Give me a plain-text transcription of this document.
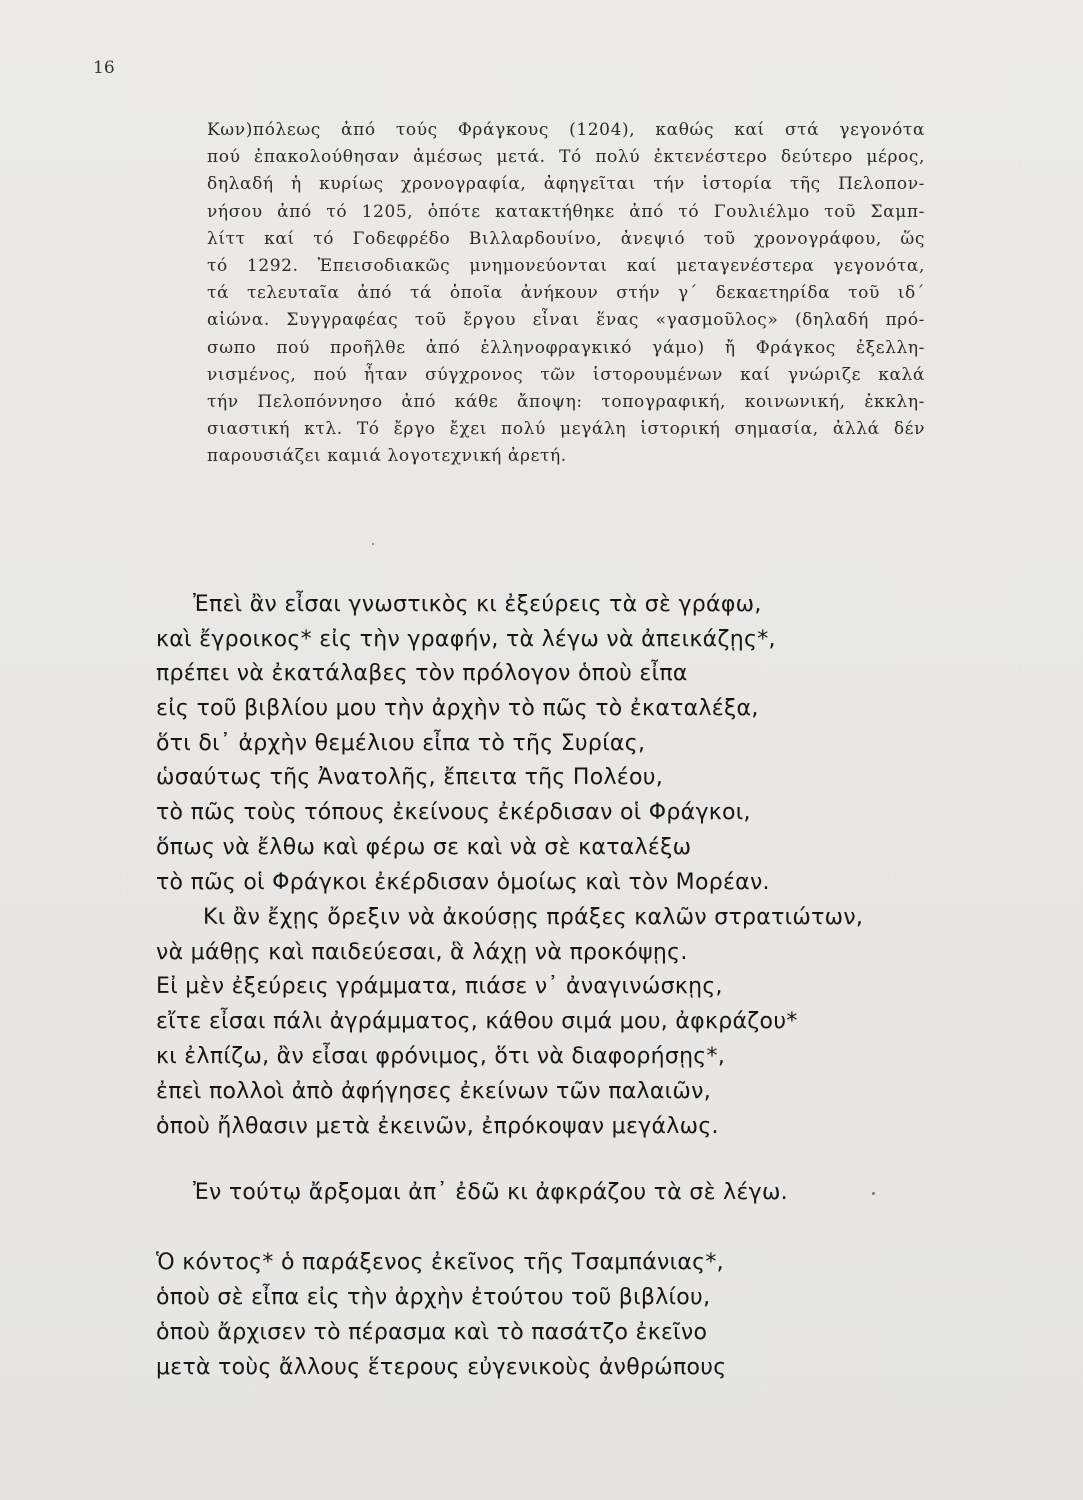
16
Κων)πόλεως ἀπό τούς Φράγκους (1204), καθώς καί στά γεγονότα
πού ἐπακολούθησαν ἀμέσως μετά. Τό πολύ ἐκτενέστερο δεύτερο μέρος,
δηλαδή ἡ κυρίως χρονογραφία, ἀφηγεῖται τήν ἱστορία τῆς Πελοπον-
νήσου ἀπό τό 1205, ὁπότε κατακτήθηκε ἀπό τό Γουλιέλμο τοῦ Σαμπ-
λίττ καί τό Γοδεφρέδο Βιλλαρδουίνο, ἀνεψιό τοῦ χρονογράφου, ὥς
τό 1292. Ἐπεισοδιακῶς μνημονεύονται καί μεταγενέστερα γεγονότα,
τά τελευταῖα ἀπό τά ὁποῖα ἀνήκουν στήν γ΄ δεκαετηρίδα τοῦ ιδ΄
αἰώνα. Συγγραφέας τοῦ ἔργου εἶναι ἕνας «γασμοῦλος» (δηλαδή πρό-
σωπο πού προῆλθε ἀπό ἑλληνοφραγκικό γάμο) ἤ Φράγκος ἐξελλη-
νισμένος, πού ἦταν σύγχρονος τῶν ἱστορουμένων καί γνώριζε καλά
τήν Πελοπόννησο ἀπό κάθε ἄποψη: τοπογραφική, κοινωνική, ἐκκλη-
σιαστική κτλ. Τό ἔργο ἔχει πολύ μεγάλη ἱστορική σημασία, ἀλλά δέν
παρουσιάζει καμιά λογοτεχνική ἀρετή.
Ἐπεὶ ἂν εἶσαι γνωστικὸς κι ἐξεύρεις τὰ σὲ γράφω,
καὶ ἔγροικος* εἰς τὴν γραφήν, τὰ λέγω νὰ ἀπεικάζῃς*,
πρέπει νὰ ἐκατάλαβες τὸν πρόλογον ὁποὺ εἶπα
εἰς τοῦ βιβλίου μου τὴν ἀρχὴν τὸ πῶς τὸ ἐκαταλέξα,
ὅτι δι᾽ ἀρχὴν θεμέλιου εἶπα τὸ τῆς Συρίας,
ὡσαύτως τῆς Ἀνατολῆς, ἔπειτα τῆς Πολέου,
τὸ πῶς τοὺς τόπους ἐκείνους ἐκέρδισαν οἱ Φράγκοι,
ὅπως νὰ ἔλθω καὶ φέρω σε καὶ νὰ σὲ καταλέξω
τὸ πῶς οἱ Φράγκοι ἐκέρδισαν ὁμοίως καὶ τὸν Μορέαν.
Κι ἂν ἔχῃς ὄρεξιν νὰ ἀκούσῃς πράξες καλῶν στρατιώτων,
νὰ μάθῃς καὶ παιδεύεσαι, ἃ λάχῃ νὰ προκόψῃς.
Εἰ μὲν ἐξεύρεις γράμματα, πιάσε ν᾽ ἀναγινώσκῃς,
εἴτε εἶσαι πάλι ἀγράμματος, κάθου σιμά μου, ἀφκράζου*
κι ἐλπίζω, ἂν εἶσαι φρόνιμος, ὅτι νὰ διαφορήσῃς*,
ἐπεὶ πολλοὶ ἀπὸ ἀφήγησες ἐκείνων τῶν παλαιῶν,
ὁποὺ ἤλθασιν μετὰ ἐκεινῶν, ἐπρόκοψαν μεγάλως.
Ἐν τούτῳ ἄρξομαι ἀπ᾽ ἐδῶ κι ἀφκράζου τὰ σὲ λέγω.
Ὁ κόντος* ὁ παράξενος ἐκεῖνος τῆς Τσαμπάνιας*,
ὁποὺ σὲ εἶπα εἰς τὴν ἀρχὴν ἐτούτου τοῦ βιβλίου,
ὁποὺ ἄρχισεν τὸ πέρασμα καὶ τὸ πασάτζο ἐκεῖνο
μετὰ τοὺς ἄλλους ἕτερους εὐγενικοὺς ἀνθρώπους
